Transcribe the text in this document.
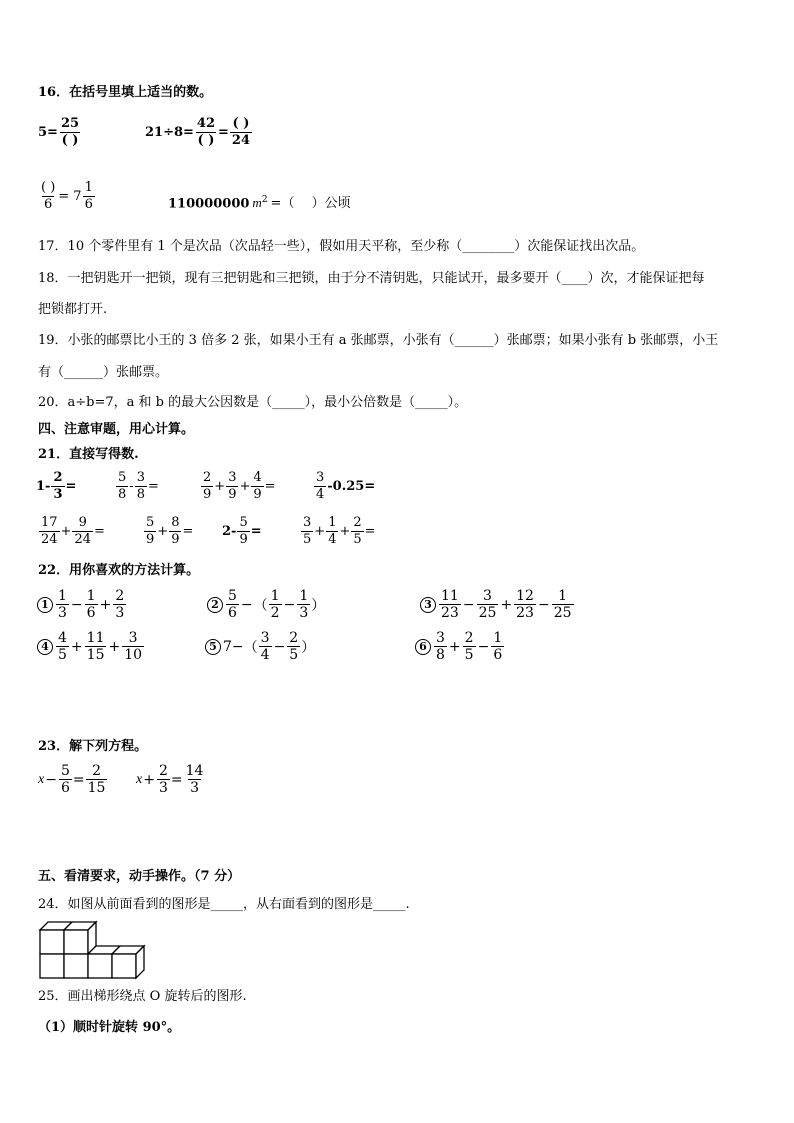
16．在括号里填上适当的数。
$5= \frac{25}{( )}$	$21\div 8= \frac{42}{( )} = \frac{( )}{24}$
$\frac{( )}{6} = 7 \frac{1}{6}$	110000000 $m^2$ =（　 ）公顷
17．10 个零件里有 1 个是次品（次品轻一些），假如用天平称，至少称（________）次能保证找出次品。
18．一把钥匙开一把锁，现有三把钥匙和三把锁，由于分不清钥匙，只能试开，最多要开（____）次，才能保证把每
把锁都打开.
19．小张的邮票比小王的 3 倍多 2 张，如果小王有 a 张邮票，小张有（______）张邮票；如果小张有 b 张邮票，小王
有（______）张邮票。
20．a÷b=7，a 和 b 的最大公因数是（_____），最小公倍数是（_____）。
四、注意审题，用心计算。
21．直接写得数.
$1- \frac{2}{3}$ =	$\frac{5}{8} - \frac{3}{8}$ =	$\frac{2}{9} + \frac{3}{9} + \frac{4}{9}$ =	$\frac{3}{4} -0.25=$
$\frac{17}{24} + \frac{9}{24}$ =	$\frac{5}{9} + \frac{8}{9} = 2- \frac{5}{9}$ =	$\frac{3}{5} + \frac{1}{4} + \frac{2}{5}$ =
22．用你喜欢的方法计算。
$1 \frac{1}{3} - \frac{1}{6} + \frac{2}{3}$	$2 \frac{5}{6}$ − （ $\frac{1}{2} - \frac{1}{3}$ ）	$3 \frac{11}{23} - \frac{3}{25} + \frac{12}{23} - \frac{1}{25}$
$4 \frac{4}{5} + \frac{11}{15} + \frac{3}{10}$	5 7− （ $\frac{3}{4} - \frac{2}{5}$ ）	$6 \frac{3}{8} + \frac{2}{5} - \frac{1}{6}$
23．解下列方程。
$x - \frac{5}{6} = \frac{2}{15}$ $x + \frac{2}{3} = \frac{14}{3}$
五、看清要求，动手操作。（7 分）
24．如图从前面看到的图形是_____，从右面看到的图形是_____.
25．画出梯形绕点 O 旋转后的图形.
（1）顺时针旋转 90°。
